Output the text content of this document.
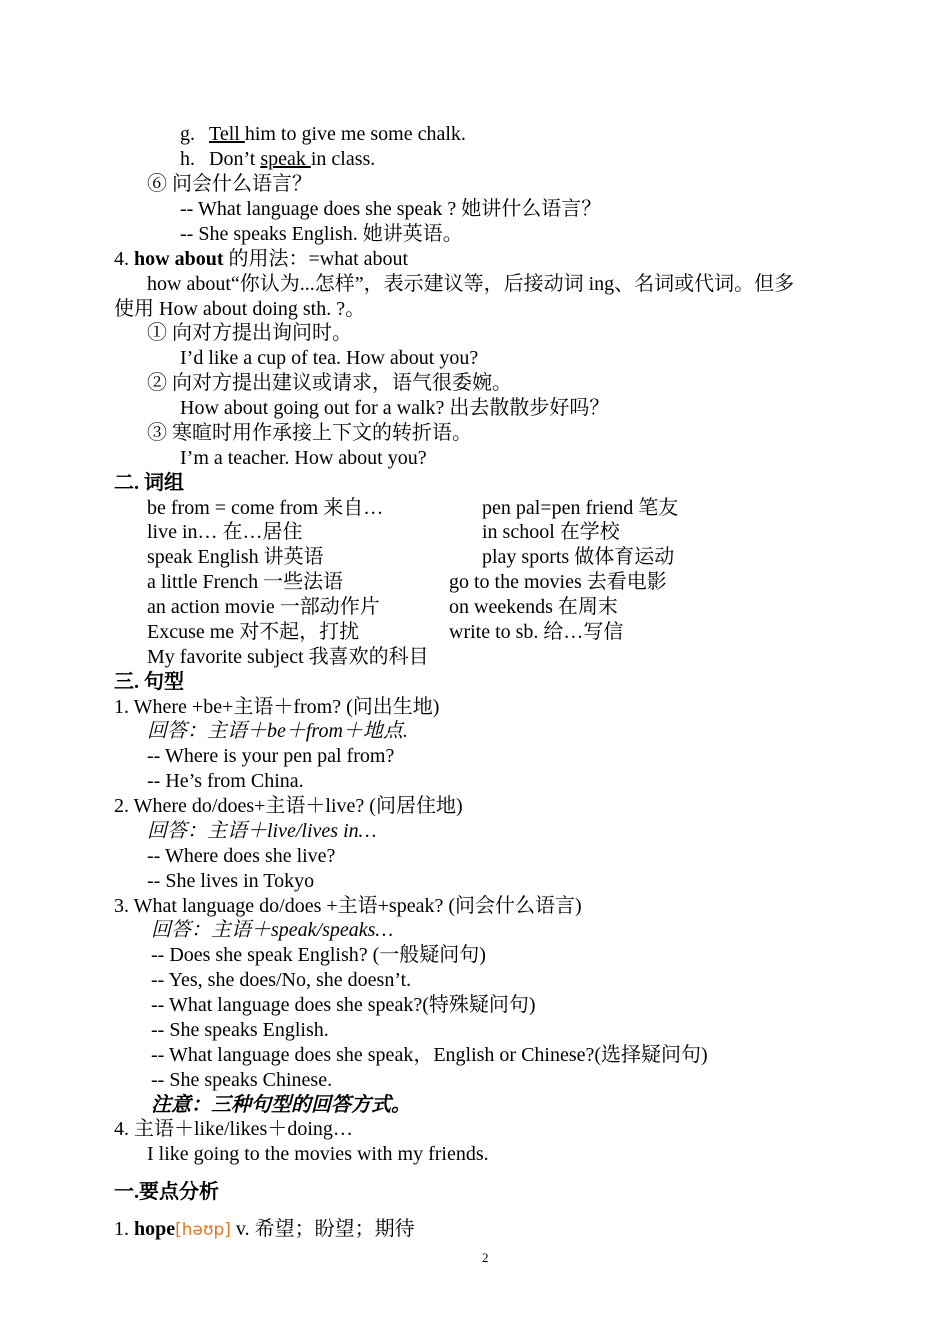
g. Tell him to give me some chalk.
h. Don’t speak in class.
⑥ 问会什么语言？
-- What language does she speak ? 她讲什么语言？
-- She speaks English. 她讲英语。
4. how about 的用法：=what about
how about“你认为...怎样”，表示建议等，后接动词 ing、名词或代词。但多
使用 How about doing sth. ?。
① 向对方提出询问时。
I’d like a cup of tea. How about you?
② 向对方提出建议或请求，语气很委婉。
How about going out for a walk? 出去散散步好吗？
③ 寒暄时用作承接上下文的转折语。
I’m a teacher. How about you?
二. 词组
be from = come from 来自…
live in… 在…居住
speak English 讲英语
a little French 一些法语
an action movie 一部动作片
Excuse me 对不起，打扰
My favorite subject 我喜欢的科目
pen pal=pen friend 笔友
in school 在学校
play sports 做体育运动
go to the movies 去看电影
on weekends 在周末
write to sb. 给…写信
三. 句型
1. Where +be+主语＋from? (问出生地)
回答：主语＋be＋from＋地点.
-- Where is your pen pal from?
-- He’s from China.
2. Where do/does+主语＋live? (问居住地)
回答：主语＋live/lives in…
-- Where does she live?
-- She lives in Tokyo
3. What language do/does +主语+speak? (问会什么语言)
回答：主语＋speak/speaks…
-- Does she speak English? (一般疑问句)
-- Yes, she does/No, she doesn’t.
-- What language does she speak?(特殊疑问句)
-- She speaks English.
-- What language does she speak，English or Chinese?(选择疑问句)
-- She speaks Chinese.
注意：三种句型的回答方式。
4. 主语＋like/likes＋doing…
I like going to the movies with my friends.
一.要点分析
1. hope[həʊp] v. 希望；盼望；期待
2
